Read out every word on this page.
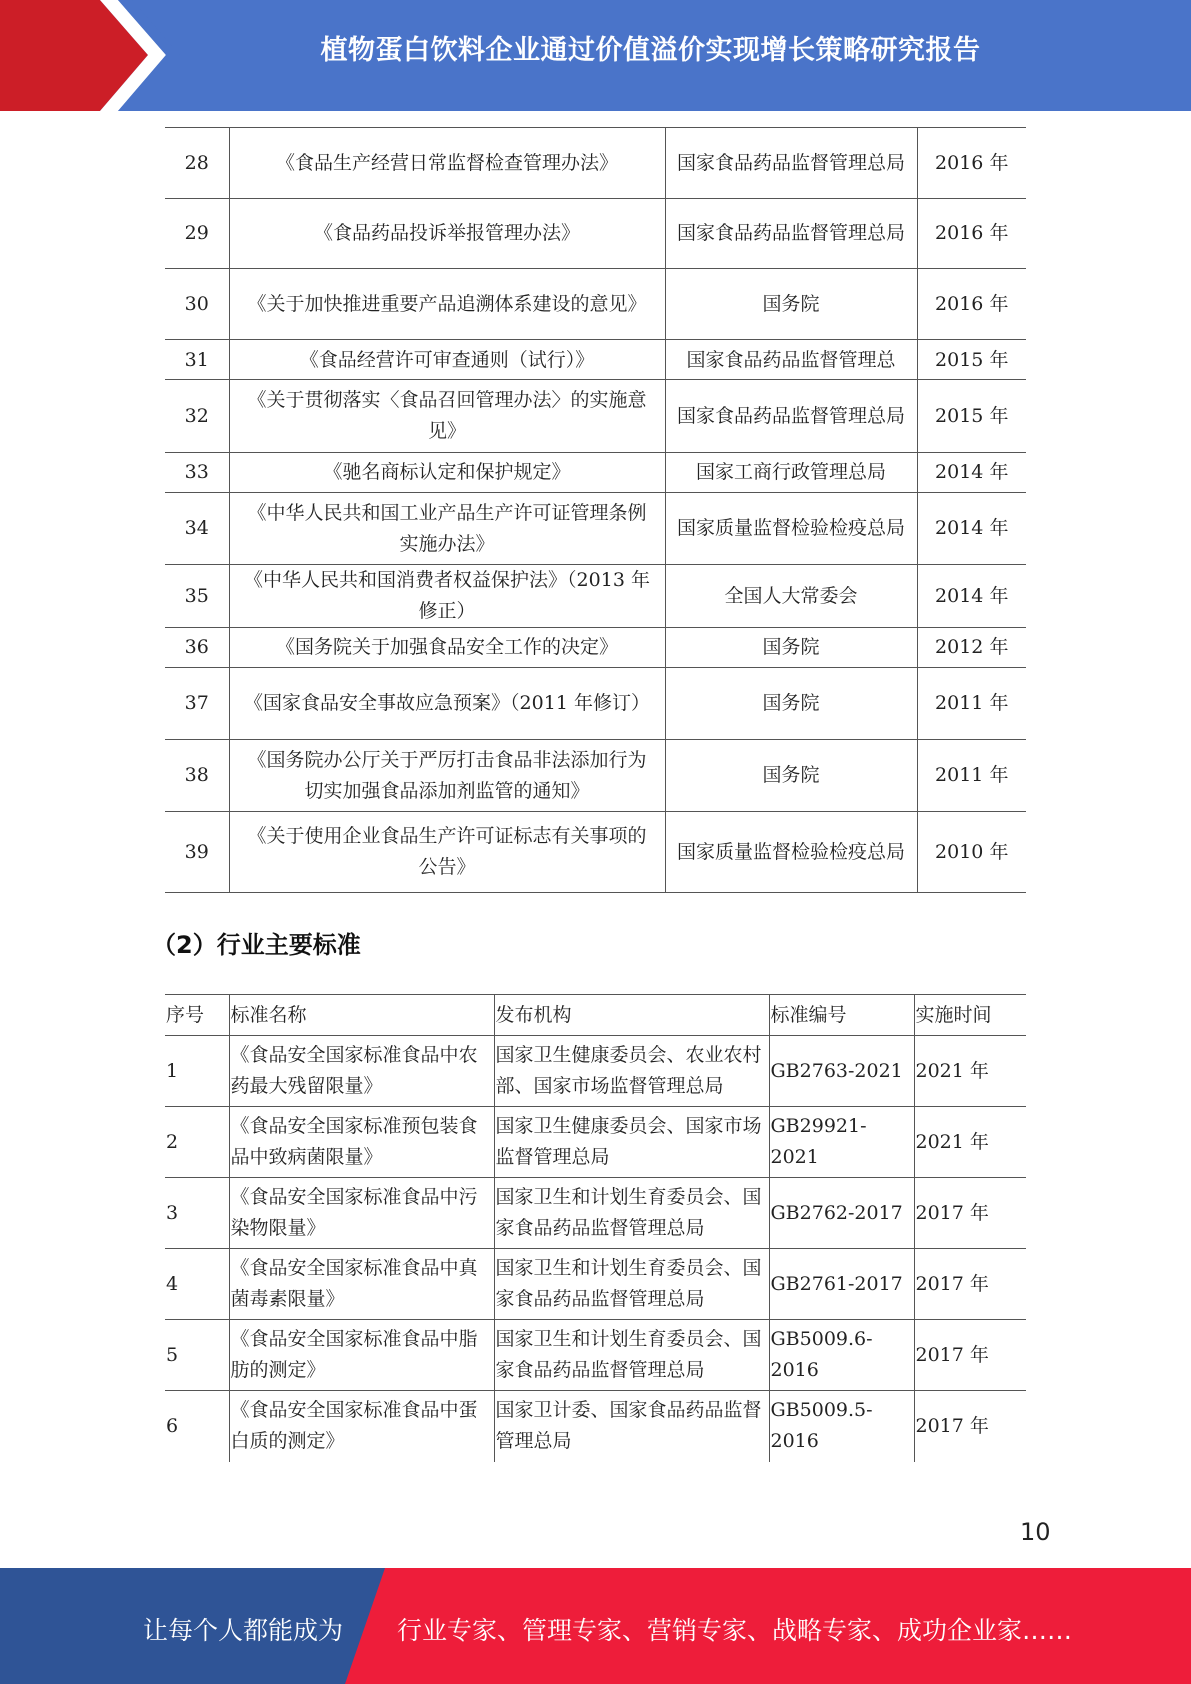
植物蛋白饮料企业通过价值溢价实现增长策略研究报告
28	《食品生产经营日常监督检查管理办法》	国家食品药品监督管理总局	2016 年
29	《食品药品投诉举报管理办法》	国家食品药品监督管理总局	2016 年
30	《关于加快推进重要产品追溯体系建设的意见》	国务院	2016 年
31	《食品经营许可审查通则（试行）》	国家食品药品监督管理总	2015 年
32	《关于贯彻落实〈食品召回管理办法〉的实施意见》	国家食品药品监督管理总局	2015 年
33	《驰名商标认定和保护规定》	国家工商行政管理总局	2014 年
34	《中华人民共和国工业产品生产许可证管理条例实施办法》	国家质量监督检验检疫总局	2014 年
35	《中华人民共和国消费者权益保护法》（2013 年修正）	全国人大常委会	2014 年
36	《国务院关于加强食品安全工作的决定》	国务院	2012 年
37	《国家食品安全事故应急预案》（2011 年修订）	国务院	2011 年
38	《国务院办公厅关于严厉打击食品非法添加行为切实加强食品添加剂监管的通知》	国务院	2011 年
39	《关于使用企业食品生产许可证标志有关事项的公告》	国家质量监督检验检疫总局	2010 年
（2）行业主要标准
序号	标准名称	发布机构	标准编号	实施时间
1	《食品安全国家标准食品中农药最大残留限量》	国家卫生健康委员会、农业农村部、国家市场监督管理总局	GB2763-2021	2021 年
2	《食品安全国家标准预包装食品中致病菌限量》	国家卫生健康委员会、国家市场监督管理总局	GB29921-2021	2021 年
3	《食品安全国家标准食品中污染物限量》	国家卫生和计划生育委员会、国家食品药品监督管理总局	GB2762-2017	2017 年
4	《食品安全国家标准食品中真菌毒素限量》	国家卫生和计划生育委员会、国家食品药品监督管理总局	GB2761-2017	2017 年
5	《食品安全国家标准食品中脂肪的测定》	国家卫生和计划生育委员会、国家食品药品监督管理总局	GB5009.6-2016	2017 年
6	《食品安全国家标准食品中蛋白质的测定》	国家卫计委、国家食品药品监督管理总局	GB5009.5-2016	2017 年
10
让每个人都能成为 行业专家、管理专家、营销专家、战略专家、成功企业家……
